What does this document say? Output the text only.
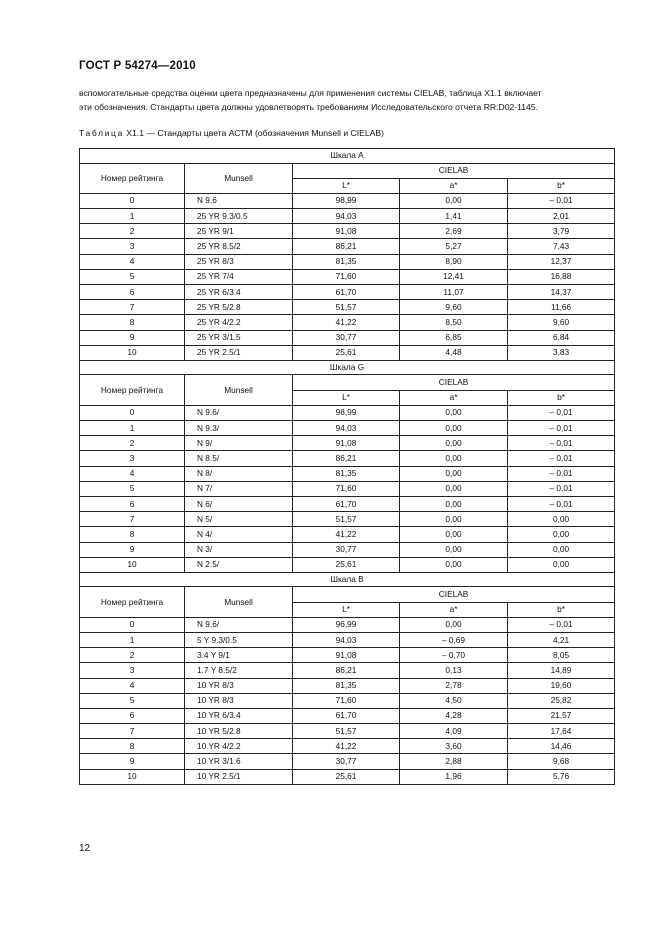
ГОСТ Р 54274—2010
вспомогательные средства оценки цвета предназначены для применения системы CIELAB, таблица X1.1 включает
эти обозначения. Стандарты цвета должны удовлетворять требованиям Исследовательского отчета RR:D02-1145.
Таблица X1.1 — Стандарты цвета АСТМ (обозначения Munsell и CIELAB)
Шкала A				
Номер рейтинга	Munsell	CIELAB		
		L*	a*	b*
0	N 9.6	98,99	0,00	– 0,01
1	25 YR 9.3/0.5	94,03	1,41	2,01
2	25 YR 9/1	91,08	2,69	3,79
3	25 YR 8.5/2	86,21	5,27	7,43
4	25 YR 8/3	81,35	8,90	12,37
5	25 YR 7/4	71,60	12,41	16,88
6	25 YR 6/3.4	61,70	11,07	14,37
7	25 YR 5/2.8	51,57	9,60	11,66
8	25 YR 4/2.2	41,22	8,50	9,60
9	25 YR 3/1.5	30,77	6,85	6,84
10	25 YR 2.5/1	25,61	4,48	3,83
Шкала G				
Номер рейтинга	Munsell	CIELAB		
		L*	a*	b*
0	N 9.6/	98,99	0,00	– 0,01
1	N 9.3/	94,03	0,00	– 0,01
2	N 9/	91,08	0,00	– 0,01
3	N 8.5/	86,21	0,00	– 0,01
4	N 8/	81,35	0,00	– 0,01
5	N 7/	71,60	0,00	– 0,01
6	N 6/	61,70	0,00	– 0,01
7	N 5/	51,57	0,00	0,00
8	N 4/	41,22	0,00	0,00
9	N 3/	30,77	0,00	0,00
10	N 2.5/	25,61	0,00	0,00
Шкала B				
Номер рейтинга	Munsell	CIELAB		
		L*	a*	b*
0	N 9.6/	96,99	0,00	– 0,01
1	5 Y 9.3/0.5	94,03	– 0,69	4,21
2	3.4 Y 9/1	91,08	– 0,70	8,05
3	1.7 Y 8.5/2	86,21	0,13	14,89
4	10 YR 8/3	81,35	2,78	19,60
5	10 YR 8/3	71,60	4,50	25,82
6	10 YR 6/3.4	61,70	4,28	21,57
7	10 YR 5/2.8	51,57	4,09	17,64
8	10 YR 4/2.2	41,22	3,60	14,46
9	10 YR 3/1.6	30,77	2,88	9,68
10	10 YR 2.5/1	25,61	1,96	5,76
12
